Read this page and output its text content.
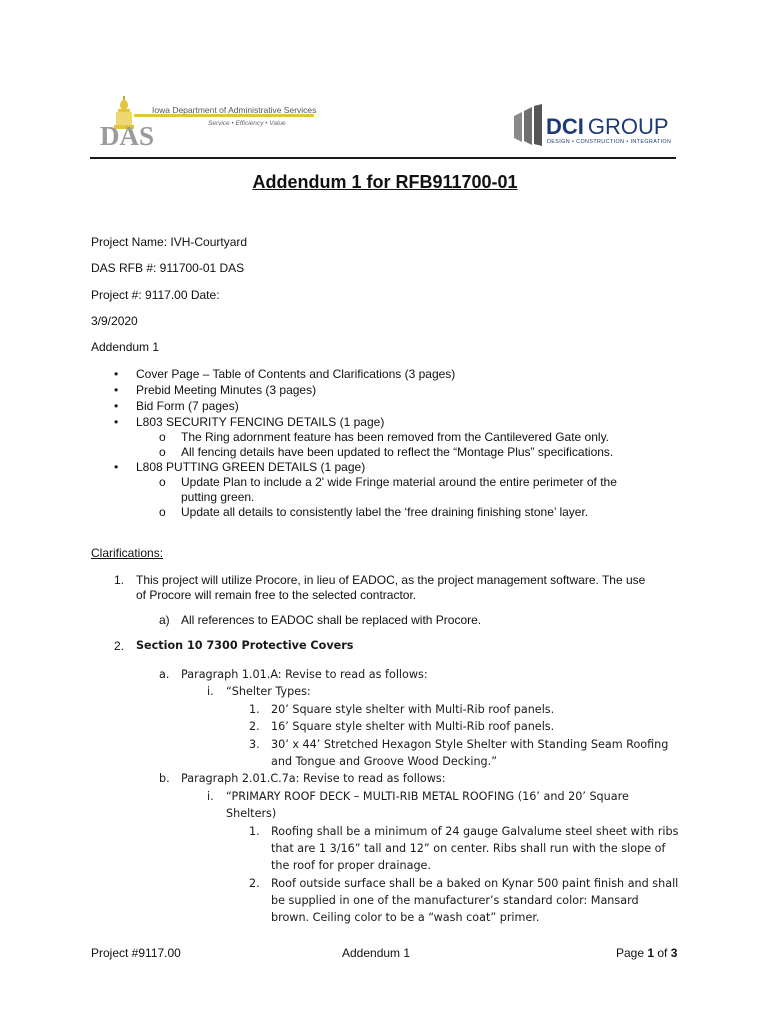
Iowa Department of Administrative Services
Service • Efficiency • Value
DAS	DCI GROUP
DESIGN • CONSTRUCTION • INTEGRATION
Addendum 1 for RFB911700-01
Project Name: IVH-Courtyard
DAS RFB #: 911700-01 DAS
Project #: 9117.00 Date:
3/9/2020
Addendum 1
• Cover Page – Table of Contents and Clarifications (3 pages)
• Prebid Meeting Minutes (3 pages)
• Bid Form (7 pages)
• L803 SECURITY FENCING DETAILS (1 page)
o The Ring adornment feature has been removed from the Cantilevered Gate only.
o All fencing details have been updated to reflect the “Montage Plus” specifications.
• L808 PUTTING GREEN DETAILS (1 page)
o Update Plan to include a 2' wide Fringe material around the entire perimeter of the
putting green.
o Update all details to consistently label the ‘free draining finishing stone’ layer.
Clarifications:
1. This project will utilize Procore, in lieu of EADOC, as the project management software. The use
of Procore will remain free to the selected contractor.
a) All references to EADOC shall be replaced with Procore.
2. Section 10 7300 Protective Covers
a. Paragraph 1.01.A: Revise to read as follows:
i. “Shelter Types:
1. 20’ Square style shelter with Multi-Rib roof panels.
2. 16’ Square style shelter with Multi-Rib roof panels.
3. 30’ x 44’ Stretched Hexagon Style Shelter with Standing Seam Roofing
and Tongue and Groove Wood Decking.”
b. Paragraph 2.01.C.7a: Revise to read as follows:
i. “PRIMARY ROOF DECK – MULTI-RIB METAL ROOFING (16’ and 20’ Square
Shelters)
1. Roofing shall be a minimum of 24 gauge Galvalume steel sheet with ribs
that are 1 3/16” tall and 12” on center. Ribs shall run with the slope of
the roof for proper drainage.
2. Roof outside surface shall be a baked on Kynar 500 paint finish and shall
be supplied in one of the manufacturer’s standard color: Mansard
brown. Ceiling color to be a “wash coat” primer.
Project #9117.00	Addendum 1	Page 1 of 3
